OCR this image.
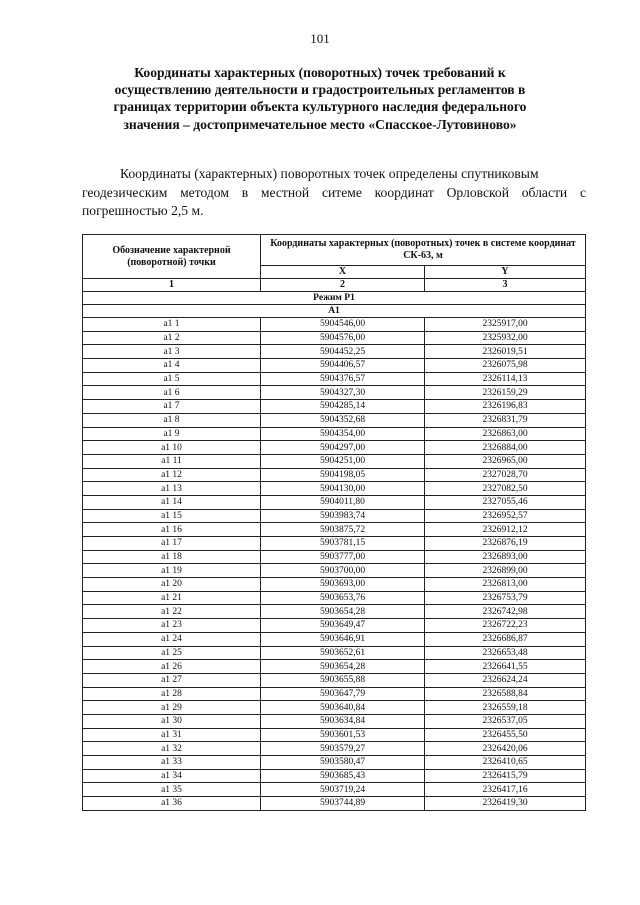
101
Координаты характерных (поворотных) точек требований к
осуществлению деятельности и градостроительных регламентов в
границах территории объекта культурного наследия федерального
значения – достопримечательное место «Спасское-Лутовиново»
Координаты (характерных) поворотных точек определены спутниковым
геодезическим методом в местной ситеме координат Орловской области с
погрешностью 2,5 м.
Обозначение характерной (поворотной) точки	Координаты характерных (поворотных) точек в системе координат СК-63, м	
	X	Y
1	2	3
Режим Р1		
А1		
а1 1	5904546,00	2325917,00
а1 2	5904576,00	2325932,00
а1 3	5904452,25	2326019,51
а1 4	5904406,57	2326075,98
а1 5	5904376,57	2326114,13
а1 6	5904327,30	2326159,29
а1 7	5904285,14	2326196,83
а1 8	5904352,68	2326831,79
а1 9	5904354,00	2326863,00
а1 10	5904297,00	2326884,00
а1 11	5904251,00	2326965,00
а1 12	5904198,05	2327028,70
а1 13	5904130,00	2327082,50
а1 14	5904011,80	2327055,46
а1 15	5903983,74	2326952,57
а1 16	5903875,72	2326912,12
а1 17	5903781,15	2326876,19
а1 18	5903777,00	2326893,00
а1 19	5903700,00	2326899,00
а1 20	5903693,00	2326813,00
а1 21	5903653,76	2326753,79
а1 22	5903654,28	2326742,98
а1 23	5903649,47	2326722,23
а1 24	5903646,91	2326686,87
а1 25	5903652,61	2326653,48
а1 26	5903654,28	2326641,55
а1 27	5903655,88	2326624,24
а1 28	5903647,79	2326588,84
а1 29	5903640,84	2326559,18
а1 30	5903634,84	2326537,05
а1 31	5903601,53	2326455,50
а1 32	5903579,27	2326420,06
а1 33	5903580,47	2326410,65
а1 34	5903685,43	2326415,79
а1 35	5903719,24	2326417,16
а1 36	5903744,89	2326419,30
